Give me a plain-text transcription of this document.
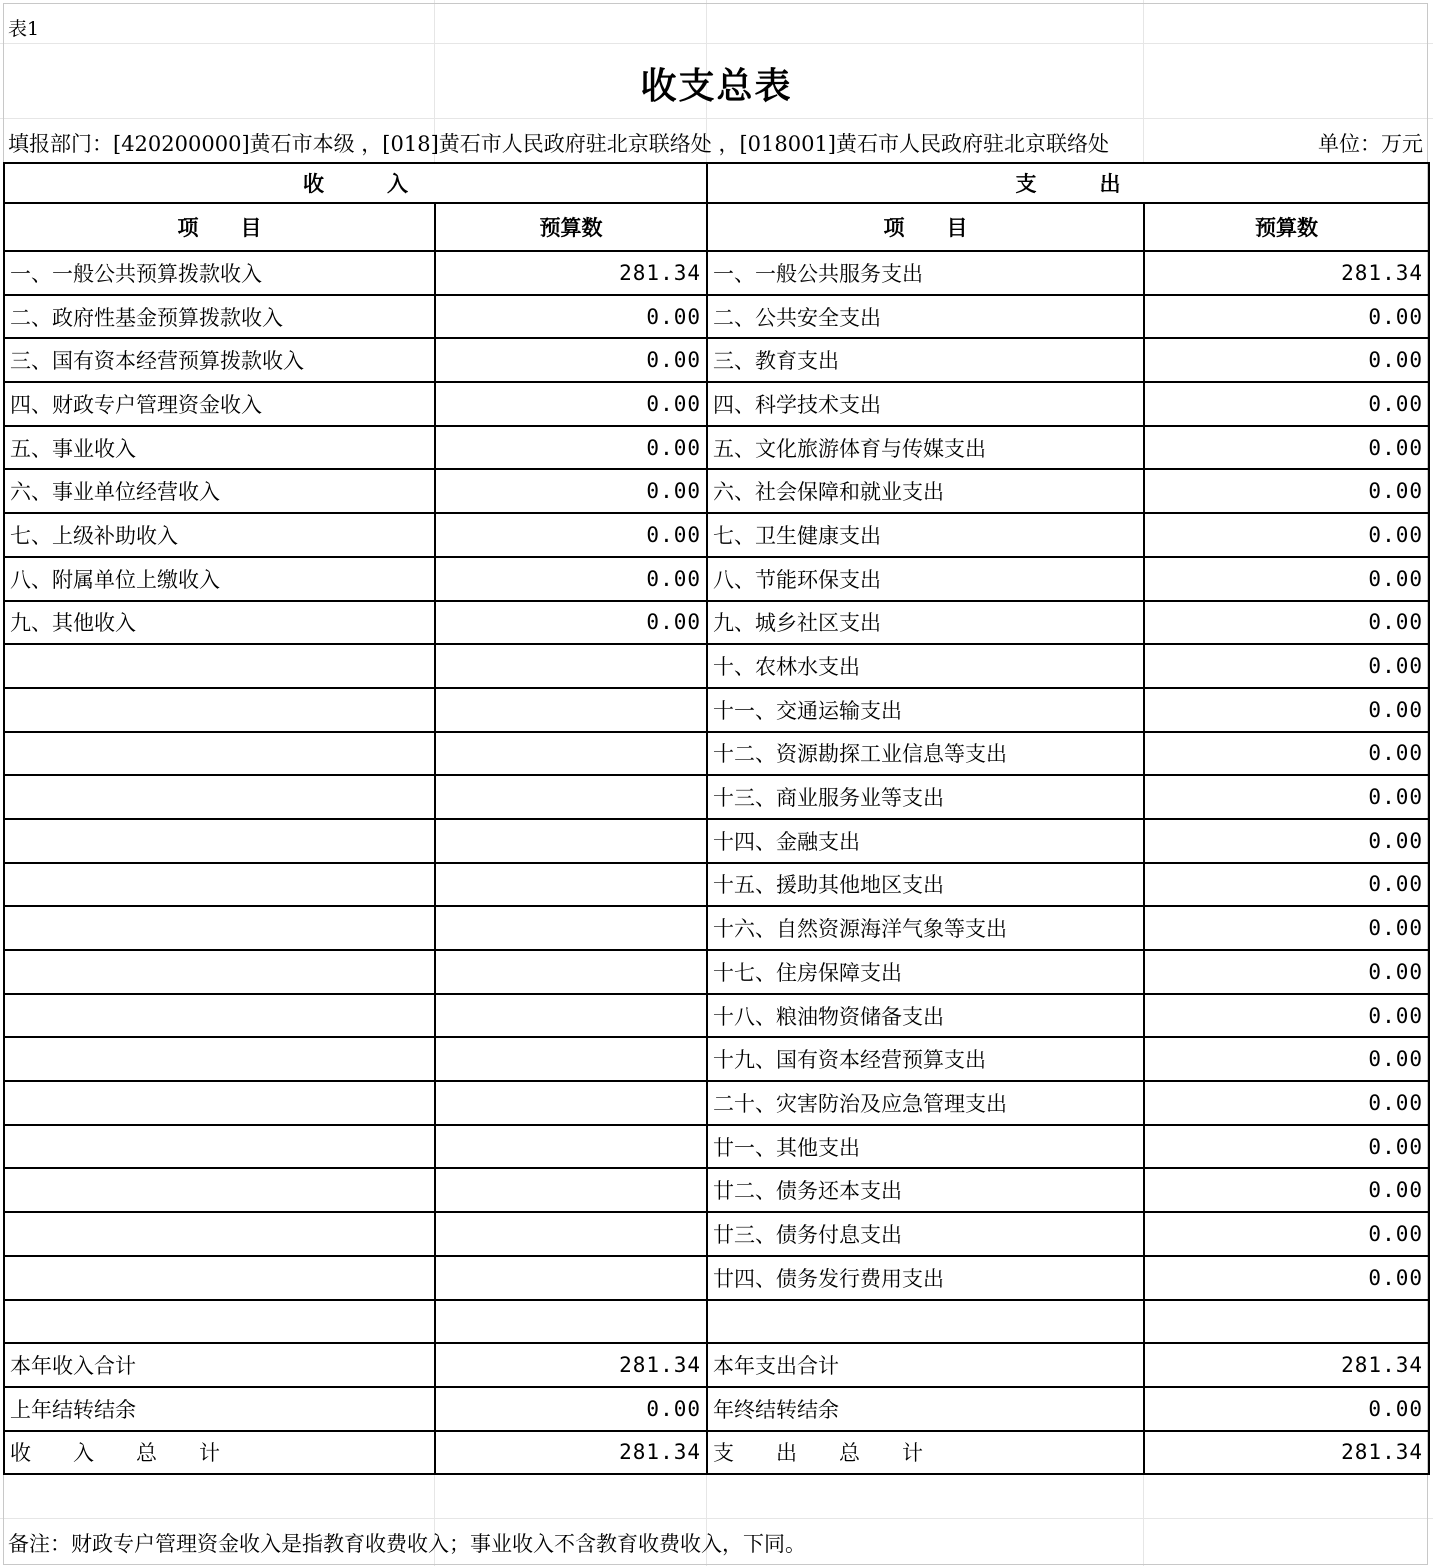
表1
收支总表
填报部门：[420200000]黄石市本级 ，[018]黄石市人民政府驻北京联络处 ，[018001]黄石市人民政府驻北京联络处	单位：万元
收　　　入		支　　　出	
项　　目	预算数	项　　目	预算数
一、一般公共预算拨款收入	281.34	一、一般公共服务支出	281.34
二、政府性基金预算拨款收入	0.00	二、公共安全支出	0.00
三、国有资本经营预算拨款收入	0.00	三、教育支出	0.00
四、财政专户管理资金收入	0.00	四、科学技术支出	0.00
五、事业收入	0.00	五、文化旅游体育与传媒支出	0.00
六、事业单位经营收入	0.00	六、社会保障和就业支出	0.00
七、上级补助收入	0.00	七、卫生健康支出	0.00
八、附属单位上缴收入	0.00	八、节能环保支出	0.00
九、其他收入	0.00	九、城乡社区支出	0.00
		十、农林水支出	0.00
		十一、交通运输支出	0.00
		十二、资源勘探工业信息等支出	0.00
		十三、商业服务业等支出	0.00
		十四、金融支出	0.00
		十五、援助其他地区支出	0.00
		十六、自然资源海洋气象等支出	0.00
		十七、住房保障支出	0.00
		十八、粮油物资储备支出	0.00
		十九、国有资本经营预算支出	0.00
		二十、灾害防治及应急管理支出	0.00
		廿一、其他支出	0.00
		廿二、债务还本支出	0.00
		廿三、债务付息支出	0.00
		廿四、债务发行费用支出	0.00

本年收入合计	281.34	本年支出合计	281.34
上年结转结余	0.00	年终结转结余	0.00
收　　入　　总　　计	281.34	支　　出　　总　　计	281.34
备注：财政专户管理资金收入是指教育收费收入；事业收入不含教育收费收入，下同。
